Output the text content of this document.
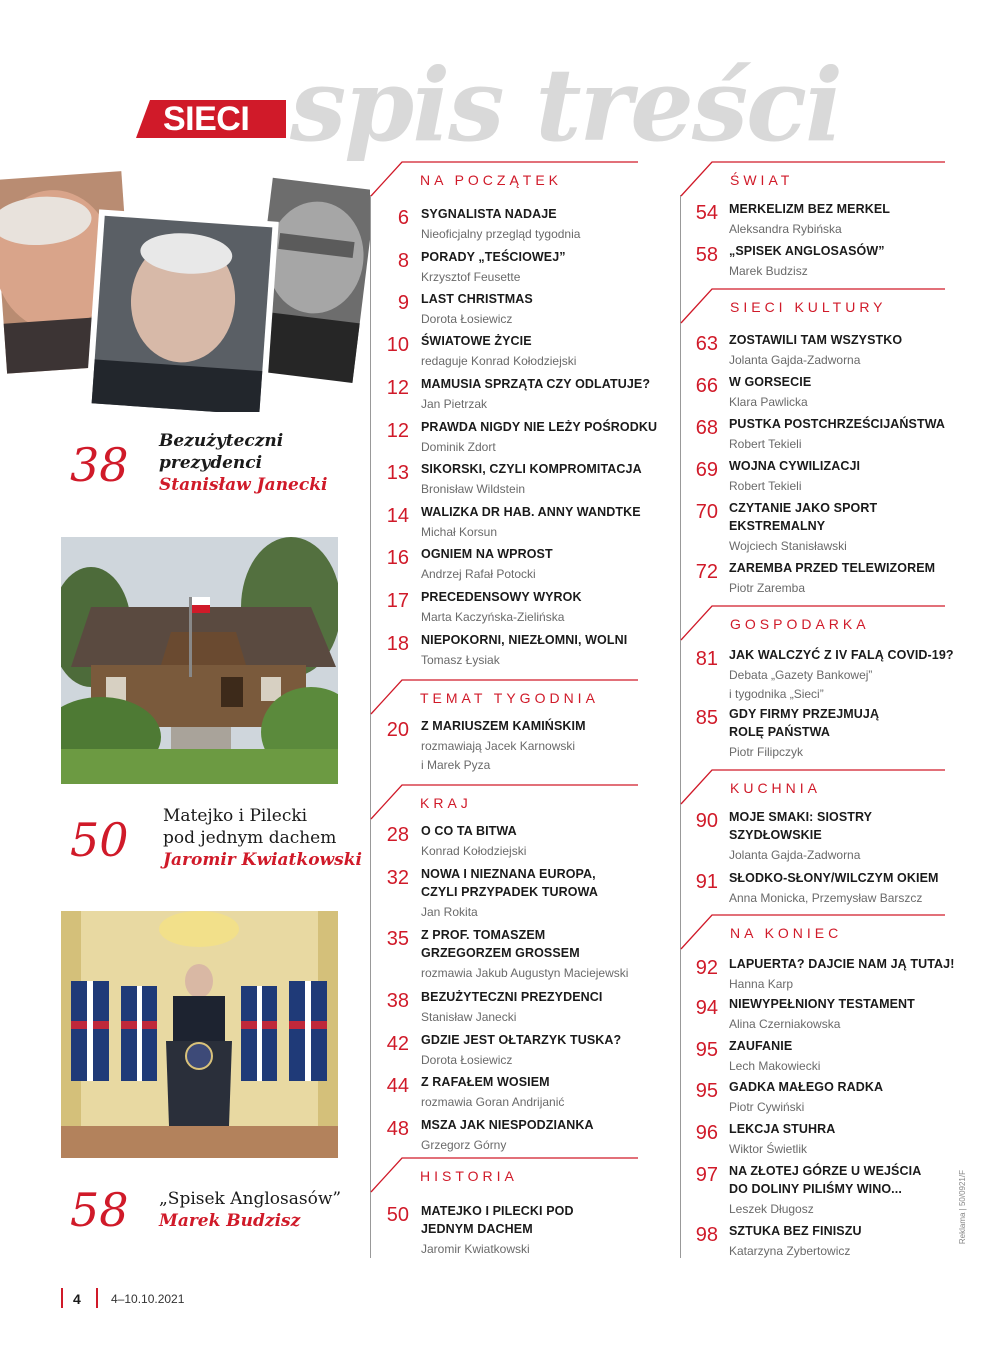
SIECI spis treści
38 Bezużyteczni
prezydenci
Stanisław Janecki
50 Matejko i Pilecki
pod jednym dachem
Jaromir Kwiatkowski
58 „Spisek Anglosasów”
Marek Budzisz
NA POCZĄTEK
6 SYGNALISTA NADAJE
Nieoficjalny przegląd tygodnia
8 PORADY „TEŚCIOWEJ”
Krzysztof Feusette
9 LAST CHRISTMAS
Dorota Łosiewicz
10 ŚWIATOWE ŻYCIE
redaguje Konrad Kołodziejski
12 MAMUSIA SPRZĄTA CZY ODLATUJE?
Jan Pietrzak
12 PRAWDA NIGDY NIE LEŻY POŚRODKU
Dominik Zdort
13 SIKORSKI, CZYLI KOMPROMITACJA
Bronisław Wildstein
14 WALIZKA DR HAB. ANNY WANDTKE
Michał Korsun
16 OGNIEM NA WPROST
Andrzej Rafał Potocki
17 PRECEDENSOWY WYROK
Marta Kaczyńska-Zielińska
18 NIEPOKORNI, NIEZŁOMNI, WOLNI
Tomasz Łysiak
TEMAT TYGODNIA
20 Z MARIUSZEM KAMIŃSKIM
rozmawiają Jacek Karnowski
i Marek Pyza
KRAJ
28 O CO TA BITWA
Konrad Kołodziejski
32 NOWA I NIEZNANA EUROPA,
CZYLI PRZYPADEK TUROWA
Jan Rokita
35 Z PROF. TOMASZEM
GRZEGORZEM GROSSEM
rozmawia Jakub Augustyn Maciejewski
38 BEZUŻYTECZNI PREZYDENCI
Stanisław Janecki
42 GDZIE JEST OŁTARZYK TUSKA?
Dorota Łosiewicz
44 Z RAFAŁEM WOSIEM
rozmawia Goran Andrijanić
48 MSZA JAK NIESPODZIANKA
Grzegorz Górny
HISTORIA
50 MATEJKO I PILECKI POD
JEDNYM DACHEM
Jaromir Kwiatkowski
ŚWIAT
54 MERKELIZM BEZ MERKEL
Aleksandra Rybińska
58 „SPISEK ANGLOSASÓW”
Marek Budzisz
SIECI KULTURY
63 ZOSTAWILI TAM WSZYSTKO
Jolanta Gajda-Zadworna
66 W GORSECIE
Klara Pawlicka
68 PUSTKA POSTCHRZEŚCIJAŃSTWA
Robert Tekieli
69 WOJNA CYWILIZACJI
Robert Tekieli
70 CZYTANIE JAKO SPORT
EKSTREMALNY
Wojciech Stanisławski
72 ZAREMBA PRZED TELEWIZOREM
Piotr Zaremba
GOSPODARKA
81 JAK WALCZYĆ Z IV FALĄ COVID-19?
Debata „Gazety Bankowej”
i tygodnika „Sieci”
85 GDY FIRMY PRZEJMUJĄ
ROLĘ PAŃSTWA
Piotr Filipczyk
KUCHNIA
90 MOJE SMAKI: SIOSTRY
SZYDŁOWSKIE
Jolanta Gajda-Zadworna
91 SŁODKO-SŁONY/WILCZYM OKIEM
Anna Monicka, Przemysław Barszcz
NA KONIEC
92 LAPUERTA? DAJCIE NAM JĄ TUTAJ!
Hanna Karp
94 NIEWYPEŁNIONY TESTAMENT
Alina Czerniakowska
95 ZAUFANIE
Lech Makowiecki
95 GADKA MAŁEGO RADKA
Piotr Cywiński
96 LEKCJA STUHRA
Wiktor Świetlik
97 NA ZŁOTEJ GÓRZE U WEJŚCIA
DO DOLINY PILIŚMY WINO...
Leszek Długosz
98 SZTUKA BEZ FINISZU
Katarzyna Zybertowicz
4	4–10.10.2021
Reklama | 50/0921/F
